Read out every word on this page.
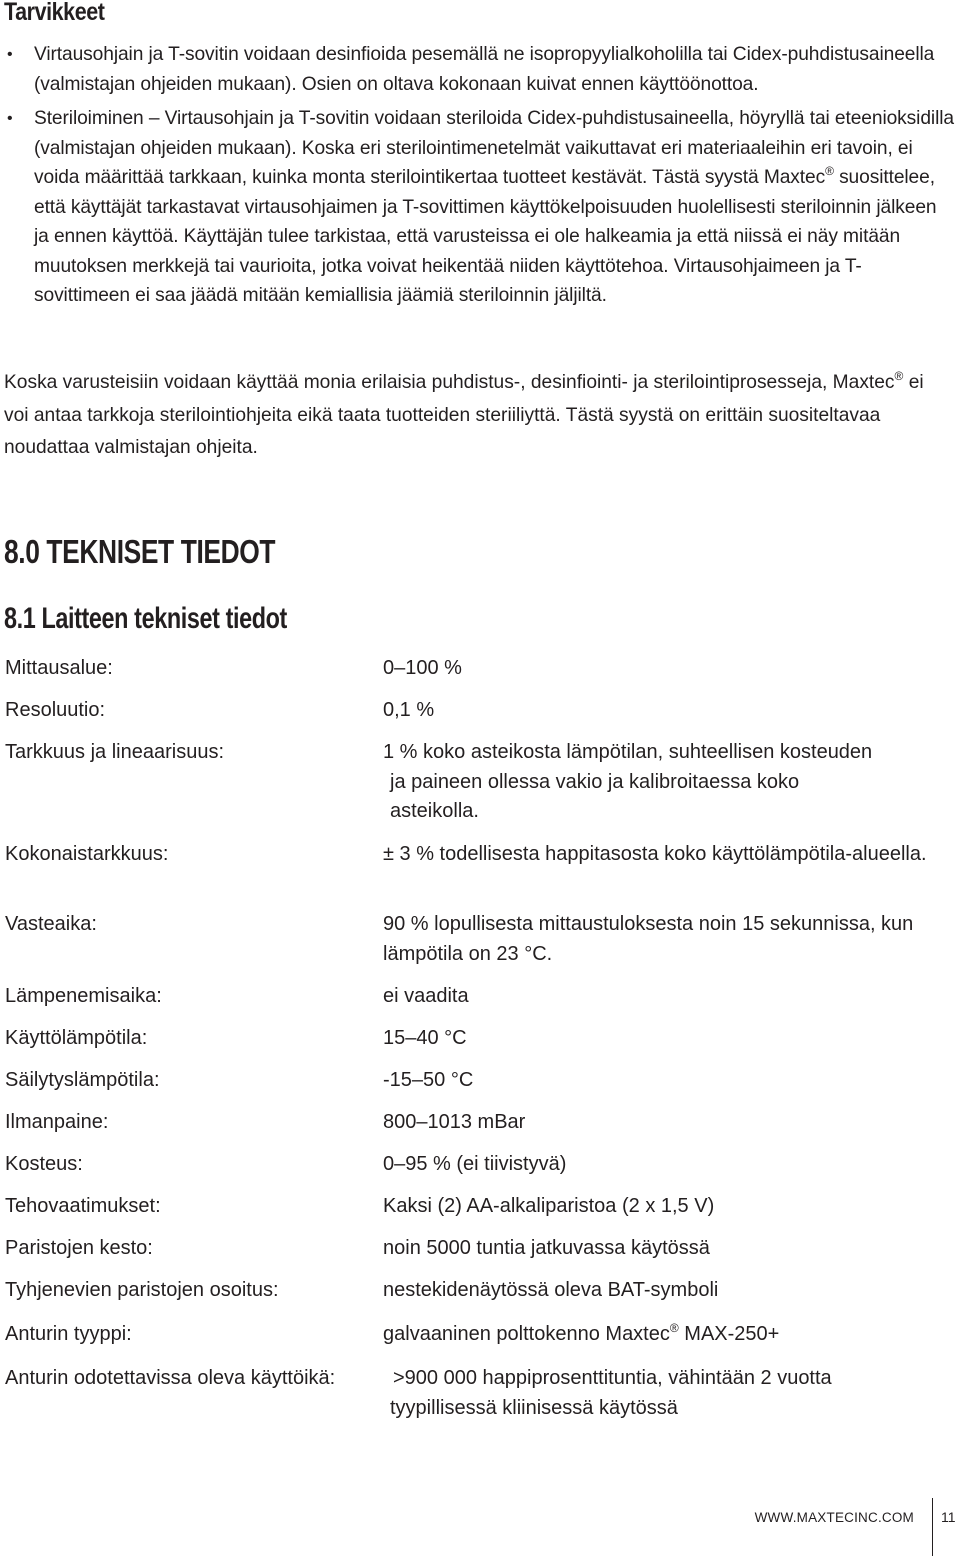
Tarvikkeet
• Virtausohjain ja T-sovitin voidaan desinfioida pesemällä ne isopropyylialkoholilla tai Cidex-puhdistusaineella (valmistajan ohjeiden mukaan). Osien on oltava kokonaan kuivat ennen käyttöönottoa.
• Steriloiminen – Virtausohjain ja T-sovitin voidaan steriloida Cidex-puhdistusaineella, höyryllä tai eteenioksidilla (valmistajan ohjeiden mukaan). Koska eri sterilointimenetelmät vaikuttavat eri materiaaleihin eri tavoin, ei voida määrittää tarkkaan, kuinka monta sterilointikertaa tuotteet kestävät. Tästä syystä Maxtec® suosittelee, että käyttäjät tarkastavat virtausohjaimen ja T-sovittimen käyttökelpoisuuden huolellisesti steriloinnin jälkeen ja ennen käyttöä. Käyttäjän tulee tarkistaa, että varusteissa ei ole halkeamia ja että niissä ei näy mitään muutoksen merkkejä tai vaurioita, jotka voivat heikentää niiden käyttötehoa. Virtausohjaimeen ja T-sovittimeen ei saa jäädä mitään kemiallisia jäämiä steriloinnin jäljiltä.

Koska varusteisiin voidaan käyttää monia erilaisia puhdistus-, desinfiointi- ja sterilointiprosesseja, Maxtec® ei voi antaa tarkkoja sterilointiohjeita eikä taata tuotteiden steriiliyttä. Tästä syystä on erittäin suositeltavaa noudattaa valmistajan ohjeita.

8.0 TEKNISET TIEDOT
8.1 Laitteen tekniset tiedot
Mittausalue:	0–100 %
Resoluutio:	0,1 %
Tarkkuus ja lineaarisuus:	1 % koko asteikosta lämpötilan, suhteellisen kosteuden
ja paineen ollessa vakio ja kalibroitaessa koko asteikolla.
Kokonaistarkkuus:	± 3 % todellisesta happitasosta koko käyttölämpötila-alueella.
Vasteaika:	90 % lopullisesta mittaustuloksesta noin 15 sekunnissa, kun lämpötila on 23 °C.
Lämpenemisaika:	ei vaadita
Käyttölämpötila:	15–40 °C
Säilytyslämpötila:	-15–50 °C
Ilmanpaine:	800–1013 mBar
Kosteus:	0–95 % (ei tiivistyvä)
Tehovaatimukset:	Kaksi (2) AA-alkaliparistoa (2 x 1,5 V)
Paristojen kesto:	noin 5000 tuntia jatkuvassa käytössä
Tyhjenevien paristojen osoitus:	nestekidenäytössä oleva BAT-symboli
Anturin tyyppi:	galvaaninen polttokenno Maxtec® MAX-250+
Anturin odotettavissa oleva käyttöikä:	>900 000 happiprosenttituntia, vähintään 2 vuotta
tyypillisessä kliinisessä käytössä
WWW.MAXTECINC.COM 11
